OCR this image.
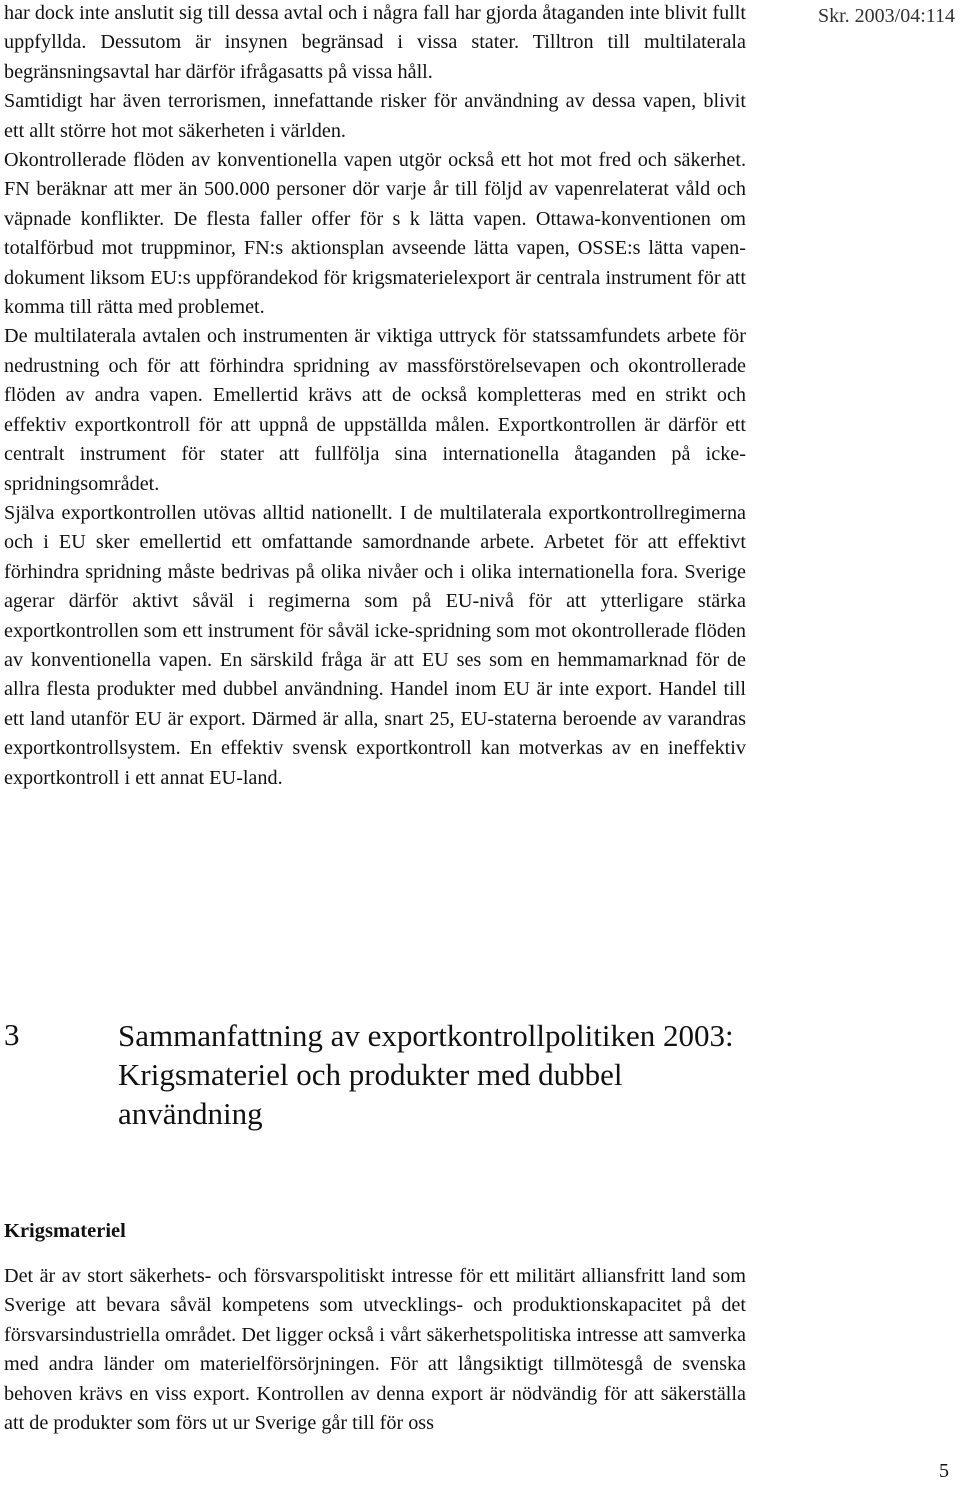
Skr. 2003/04:114

har dock inte anslutit sig till dessa avtal och i några fall har gjorda åtaganden inte blivit fullt uppfyllda. Dessutom är insynen begränsad i vissa stater. Tilltron till multilaterala begränsningsavtal har därför ifrågasatts på vissa håll.

Samtidigt har även terrorismen, innefattande risker för användning av dessa vapen, blivit ett allt större hot mot säkerheten i världen.

Okontrollerade flöden av konventionella vapen utgör också ett hot mot fred och säkerhet. FN beräknar att mer än 500.000 personer dör varje år till följd av vapenrelaterat våld och väpnade konflikter. De flesta faller offer för s k lätta vapen. Ottawa-konventionen om totalförbud mot truppminor, FN:s aktionsplan avseende lätta vapen, OSSE:s lätta vapen-dokument liksom EU:s uppförandekod för krigsmaterielexport är centrala instrument för att komma till rätta med problemet.

De multilaterala avtalen och instrumenten är viktiga uttryck för statssamfundets arbete för nedrustning och för att förhindra spridning av massförstörelsevapen och okontrollerade flöden av andra vapen. Emellertid krävs att de också kompletteras med en strikt och effektiv exportkontroll för att uppnå de uppställda målen. Exportkontrollen är därför ett centralt instrument för stater att fullfölja sina internationella åtaganden på icke-spridningsområdet.

Själva exportkontrollen utövas alltid nationellt. I de multilaterala exportkontrollregimerna och i EU sker emellertid ett omfattande samordnande arbete. Arbetet för att effektivt förhindra spridning måste bedrivas på olika nivåer och i olika internationella fora. Sverige agerar därför aktivt såväl i regimerna som på EU-nivå för att ytterligare stärka exportkontrollen som ett instrument för såväl icke-spridning som mot okontrollerade flöden av konventionella vapen. En särskild fråga är att EU ses som en hemmamarknad för de allra flesta produkter med dubbel användning. Handel inom EU är inte export. Handel till ett land utanför EU är export. Därmed är alla, snart 25, EU-staterna beroende av varandras exportkontrollsystem. En effektiv svensk exportkontroll kan motverkas av en ineffektiv exportkontroll i ett annat EU-land.

3	Sammanfattning av exportkontrollpolitiken 2003: Krigsmateriel och produkter med dubbel användning
Krigsmateriel

Det är av stort säkerhets- och försvarspolitiskt intresse för ett militärt alliansfritt land som Sverige att bevara såväl kompetens som utvecklings- och produktionskapacitet på det försvarsindustriella området. Det ligger också i vårt säkerhetspolitiska intresse att samverka med andra länder om materielförsörjningen. För att långsiktigt tillmötesgå de svenska behoven krävs en viss export. Kontrollen av denna export är nödvändig för att säkerställa att de produkter som förs ut ur Sverige går till för oss

5
